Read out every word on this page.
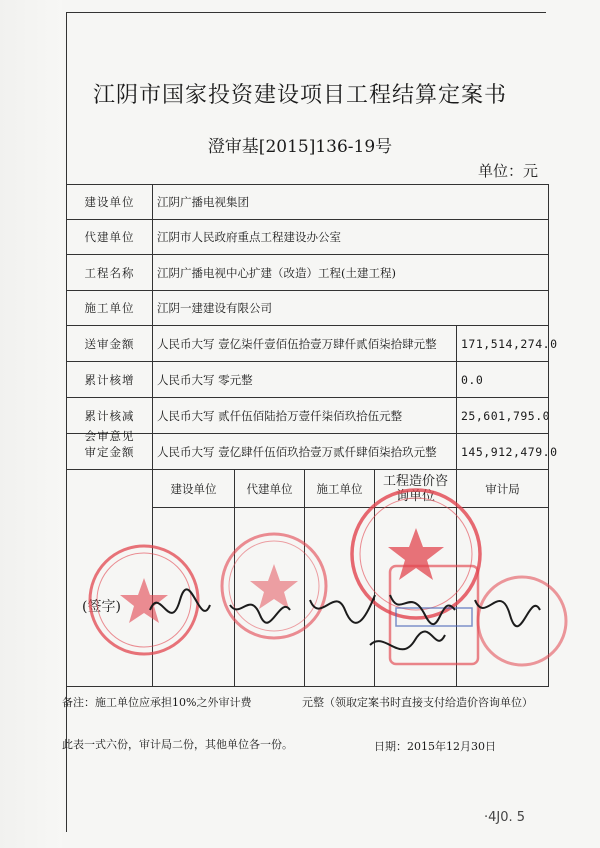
江阴市国家投资建设项目工程结算定案书
澄审基[2015]136-19号
单位：元
建设单位	江阴广播电视集团				
代建单位	江阴市人民政府重点工程建设办公室				
工程名称	江阴广播电视中心扩建（改造）工程(土建工程)				
施工单位	江阴一建建设有限公司				
送审金额	人民币大写 壹亿柒仟壹佰伍拾壹万肆仟贰佰柒拾肆元整				171,514,274.0
累计核增	人民币大写 零元整				0.0
累计核减	人民币大写 贰仟伍佰陆拾万壹仟柒佰玖拾伍元整				25,601,795.0
审定金额	人民币大写 壹亿肆仟伍佰玖拾壹万贰仟肆佰柒拾玖元整				145,912,479.0

会审意见	建设单位	代建单位	施工单位	工程造价咨询单位	审计局

(签字)
备注：施工单位应承担10%之外审计费	元整（领取定案书时直接支付给造价咨询单位）
此表一式六份，审计局二份，其他单位各一份。	日期：2015年12月30日
·4J0. 5
